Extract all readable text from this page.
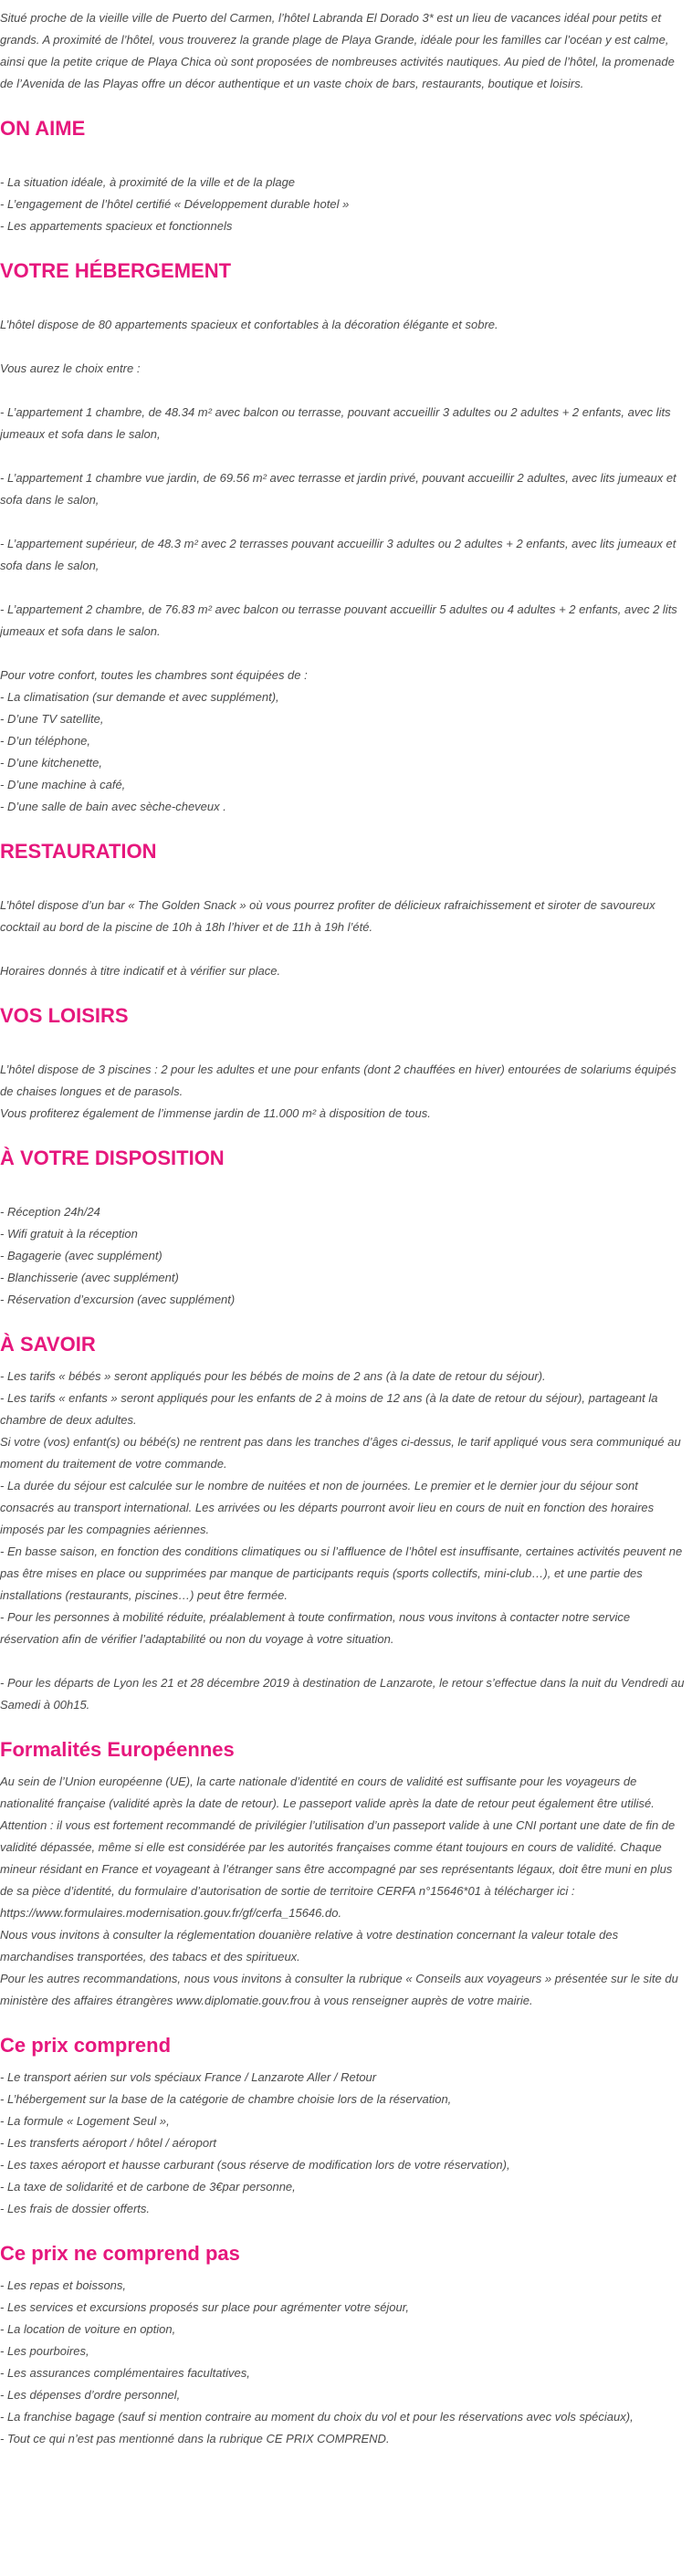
Situé proche de la vieille ville de Puerto del Carmen, l’hôtel Labranda El Dorado 3* est un lieu de vacances idéal pour petits et grands. A proximité de l’hôtel, vous trouverez la grande plage de Playa Grande, idéale pour les familles car l’océan y est calme, ainsi que la petite crique de Playa Chica où sont proposées de nombreuses activités nautiques. Au pied de l’hôtel, la promenade de l’Avenida de las Playas offre un décor authentique et un vaste choix de bars, restaurants, boutique et loisirs.

ON AIME
- La situation idéale, à proximité de la ville et de la plage
- L’engagement de l’hôtel certifié « Développement durable hotel »
- Les appartements spacieux et fonctionnels
VOTRE HÉBERGEMENT

L’hôtel dispose de 80 appartements spacieux et confortables à la décoration élégante et sobre.

Vous aurez le choix entre :

- L’appartement 1 chambre, de 48.34 m² avec balcon ou terrasse, pouvant accueillir 3 adultes ou 2 adultes + 2 enfants, avec lits jumeaux et sofa dans le salon,

- L’appartement 1 chambre vue jardin, de 69.56 m² avec terrasse et jardin privé, pouvant accueillir 2 adultes, avec lits jumeaux et sofa dans le salon,

- L’appartement supérieur, de 48.3 m² avec 2 terrasses pouvant accueillir 3 adultes ou 2 adultes + 2 enfants, avec lits jumeaux et sofa dans le salon,

- L’appartement 2 chambre, de 76.83 m² avec balcon ou terrasse pouvant accueillir 5 adultes ou 4 adultes + 2 enfants, avec 2 lits jumeaux et sofa dans le salon.

Pour votre confort, toutes les chambres sont équipées de :

- La climatisation (sur demande et avec supplément),
- D’une TV satellite,
- D’un téléphone,
- D’une kitchenette,
- D’une machine à café,
- D’une salle de bain avec sèche-cheveux .
RESTAURATION

L’hôtel dispose d’un bar « The Golden Snack » où vous pourrez profiter de délicieux rafraichissement et siroter de savoureux cocktail au bord de la piscine de 10h à 18h l’hiver et de 11h à 19h l’été.

Horaires donnés à titre indicatif et à vérifier sur place.

VOS LOISIRS

L’hôtel dispose de 3 piscines : 2 pour les adultes et une pour enfants (dont 2 chauffées en hiver) entourées de solariums équipés de chaises longues et de parasols.
Vous profiterez également de l’immense jardin de 11.000 m² à disposition de tous.

À VOTRE DISPOSITION
- Réception 24h/24
- Wifi gratuit à la réception
- Bagagerie (avec supplément)
- Blanchisserie (avec supplément)
- Réservation d’excursion (avec supplément)
À SAVOIR

- Les tarifs « bébés » seront appliqués pour les bébés de moins de 2 ans (à la date de retour du séjour).
- Les tarifs « enfants » seront appliqués pour les enfants de 2 à moins de 12 ans (à la date de retour du séjour), partageant la chambre de deux adultes.
Si votre (vos) enfant(s) ou bébé(s) ne rentrent pas dans les tranches d’âges ci-dessus, le tarif appliqué vous sera communiqué au moment du traitement de votre commande.
- La durée du séjour est calculée sur le nombre de nuitées et non de journées. Le premier et le dernier jour du séjour sont consacrés au transport international. Les arrivées ou les départs pourront avoir lieu en cours de nuit en fonction des horaires imposés par les compagnies aériennes.
- En basse saison, en fonction des conditions climatiques ou si l’affluence de l’hôtel est insuffisante, certaines activités peuvent ne pas être mises en place ou supprimées par manque de participants requis (sports collectifs, mini-club…), et une partie des installations (restaurants, piscines…) peut être fermée.
- Pour les personnes à mobilité réduite, préalablement à toute confirmation, nous vous invitons à contacter notre service réservation afin de vérifier l’adaptabilité ou non du voyage à votre situation.

- Pour les départs de Lyon les 21 et 28 décembre 2019 à destination de Lanzarote, le retour s’effectue dans la nuit du Vendredi au Samedi à 00h15.

Formalités Européennes

Au sein de l’Union européenne (UE), la carte nationale d’identité en cours de validité est suffisante pour les voyageurs de nationalité française (validité après la date de retour). Le passeport valide après la date de retour peut également être utilisé. Attention : il vous est fortement recommandé de privilégier l’utilisation d’un passeport valide à une CNI portant une date de fin de validité dépassée, même si elle est considérée par les autorités françaises comme étant toujours en cours de validité. Chaque mineur résidant en France et voyageant à l’étranger sans être accompagné par ses représentants légaux, doit être muni en plus de sa pièce d’identité, du formulaire d’autorisation de sortie de territoire CERFA n°15646*01 à télécharger ici :
https://www.formulaires.modernisation.gouv.fr/gf/cerfa_15646.do.
Nous vous invitons à consulter la réglementation douanière relative à votre destination concernant la valeur totale des marchandises transportées, des tabacs et des spiritueux.
Pour les autres recommandations, nous vous invitons à consulter la rubrique « Conseils aux voyageurs » présentée sur le site du ministère des affaires étrangères www.diplomatie.gouv.frou à vous renseigner auprès de votre mairie.

Ce prix comprend
- Le transport aérien sur vols spéciaux France / Lanzarote Aller / Retour
- L’hébergement sur la base de la catégorie de chambre choisie lors de la réservation,
- La formule « Logement Seul »,
- Les transferts aéroport / hôtel / aéroport
- Les taxes aéroport et hausse carburant (sous réserve de modification lors de votre réservation),
- La taxe de solidarité et de carbone de 3€par personne,
- Les frais de dossier offerts.
Ce prix ne comprend pas
- Les repas et boissons,
- Les services et excursions proposés sur place pour agrémenter votre séjour,
- La location de voiture en option,
- Les pourboires,
- Les assurances complémentaires facultatives,
- Les dépenses d’ordre personnel,
- La franchise bagage (sauf si mention contraire au moment du choix du vol et pour les réservations avec vols spéciaux),
- Tout ce qui n’est pas mentionné dans la rubrique CE PRIX COMPREND.
